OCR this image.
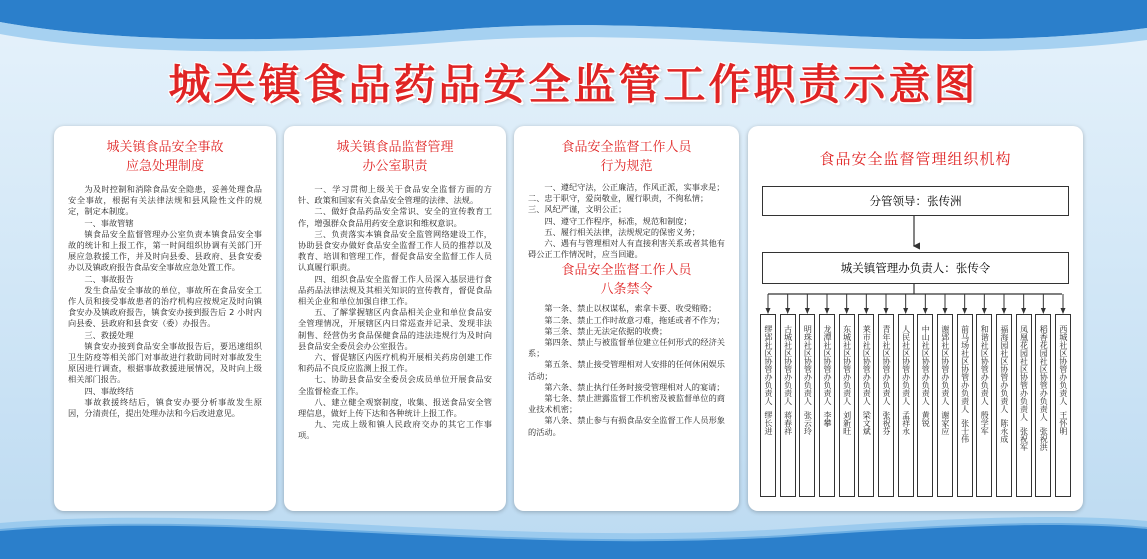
城关镇食品药品安全监管工作职责示意图
城关镇食品安全事故
应急处理制度

为及时控制和消除食品安全隐患，妥善处理食品安全事故，根据有关法律法规和县风险性文件的规定，制定本制度。

一、事故管辖

镇食品安全监督管理办公室负责本镇食品安全事故的统计和上报工作，第一时间组织协调有关部门开展应急救援工作，并及时向县委、县政府、县食安委办以及镇政府报告食品安全事故应急处置工作。

二、事故报告

发生食品安全事故的单位，事故所在食品安全工作人员和接受事故患者的治疗机构应按规定及时向镇食安办及镇政府报告，镇食安办接到报告后 2 小时内向县委、县政府和县食安（委）办报告。

三、救援处理

镇食安办接到食品安全事故报告后，要迅速组织卫生防疫等相关部门对事故进行救助同时对事故发生原因进行调查，根据事故救援进展情况，及时向上级相关部门报告。

四、事故终结

事故救援终结后，镇食安办要分析事故发生原因，分清责任，提出处理办法和今后改进意见。

城关镇食品监督管理
办公室职责

一、学习贯彻上级关于食品安全监督方面的方针、政策和国家有关食品安全管理的法律、法规。

二、做好食品药品安全常识、安全的宣传教育工作，增强群众食品用药安全意识和维权意识。

三、负责落实本镇食品安全监管网络建设工作，协助县食安办做好食品安全监督工作人员的推荐以及教育、培训和管理工作，督促食品安全监督工作人员认真履行职责。

四、组织食品安全监督工作人员深入基层进行食品药品法律法规及其相关知识的宣传教育，督促食品相关企业和单位加强自律工作。

五、了解掌握辖区内食品相关企业和单位食品安全管理情况，开展辖区内日常巡查并记录、发现非法制售、经营伪劣食品保健食品的违法违规行为及时向县食品安全委员会办公室报告。

六、督促辖区内医疗机构开展相关药房创建工作和药品不良反应监测上报工作。

七、协助县食品安全委员会成员单位开展食品安全监督检查工作。

八、建立健全观察制度，收集、报送食品安全管理信息，做好上传下达和各种统计上报工作。

九、完成上级和镇人民政府交办的其它工作事项。

食品安全监督工作人员
行为规范

一、遵纪守法，公正廉洁，作风正派，实事求是；

二、忠于职守，爱岗敬业，履行职责，不徇私情；

三、风纪严谨，文明公正；

四、遵守工作程序，标准，规范和制度；

五、履行相关法律，法规规定的保密义务；

六、遇有与管理相对人有直接利害关系或者其他有碍公正工作情况时，应当回避。

食品安全监督工作人员
八条禁令

第一条、禁止以权谋私，索拿卡要、收受贿赂；

第二条、禁止工作时故意刁难，拖延或者不作为；

第三条、禁止无法定依据的收费；

第四条、禁止与被监督单位建立任何形式的经济关系；

第五条、禁止接受管理相对人安排的任何休闲娱乐活动；

第六条、禁止执行任务时接受管理相对人的宴请；

第七条、禁止泄露监督工作机密及被监督单位的商业技术机密；

第八条、禁止参与有损食品安全监督工作人员形象的活动。

食品安全监督管理组织机构
分管领导：张传洲
城关镇管理办负责人：张传令
缪郢社区协管办负责人
缪长进
古城社区协管办负责人
蒋春祥
明珠社区协管办负责人
张云玲
龙潭社区协管办负责人
李攀
东城社区协管办负责人
刘新旺
莱市社区协管办负责人
梁文斌
青年社区协管办负责人
张祝芬
人民社区协管办负责人
孟祥永
中山社区协管办负责人
黄锐
谢郢社区协管办负责人
谢家应
前马场社区协管办负责人
张士伟
和谐社区协管办负责人
殷学军
福海园社区协管办负责人
陈永成
凤凰花园社区协管办负责人
张祝军
稻香花园社区协管办负责人
张祝洪
西城社区协管办负责人
王怀明
